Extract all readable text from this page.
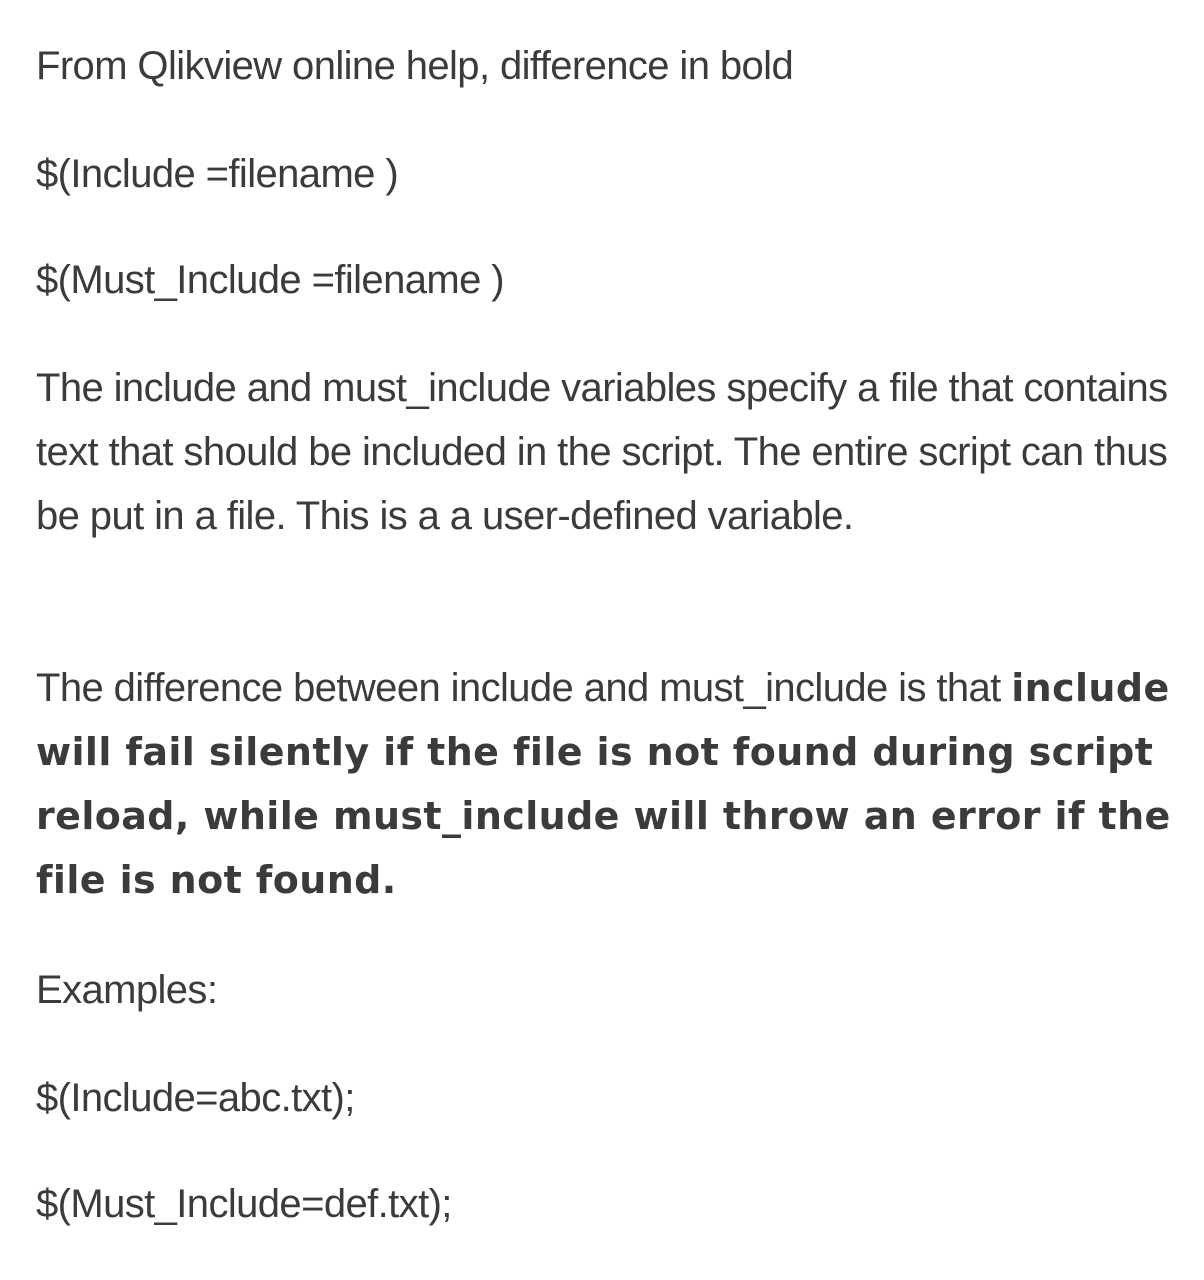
From Qlikview online help, difference in bold

$(Include =filename )

$(Must_Include =filename )

The include and must_include variables specify a file that contains text that should be included in the script. The entire script can thus be put in a file. This is a a user-defined variable.

The difference between include and must_include is that include will fail silently if the file is not found during script reload, while must_include will throw an error if the file is not found.

Examples:

$(Include=abc.txt);

$(Must_Include=def.txt);
